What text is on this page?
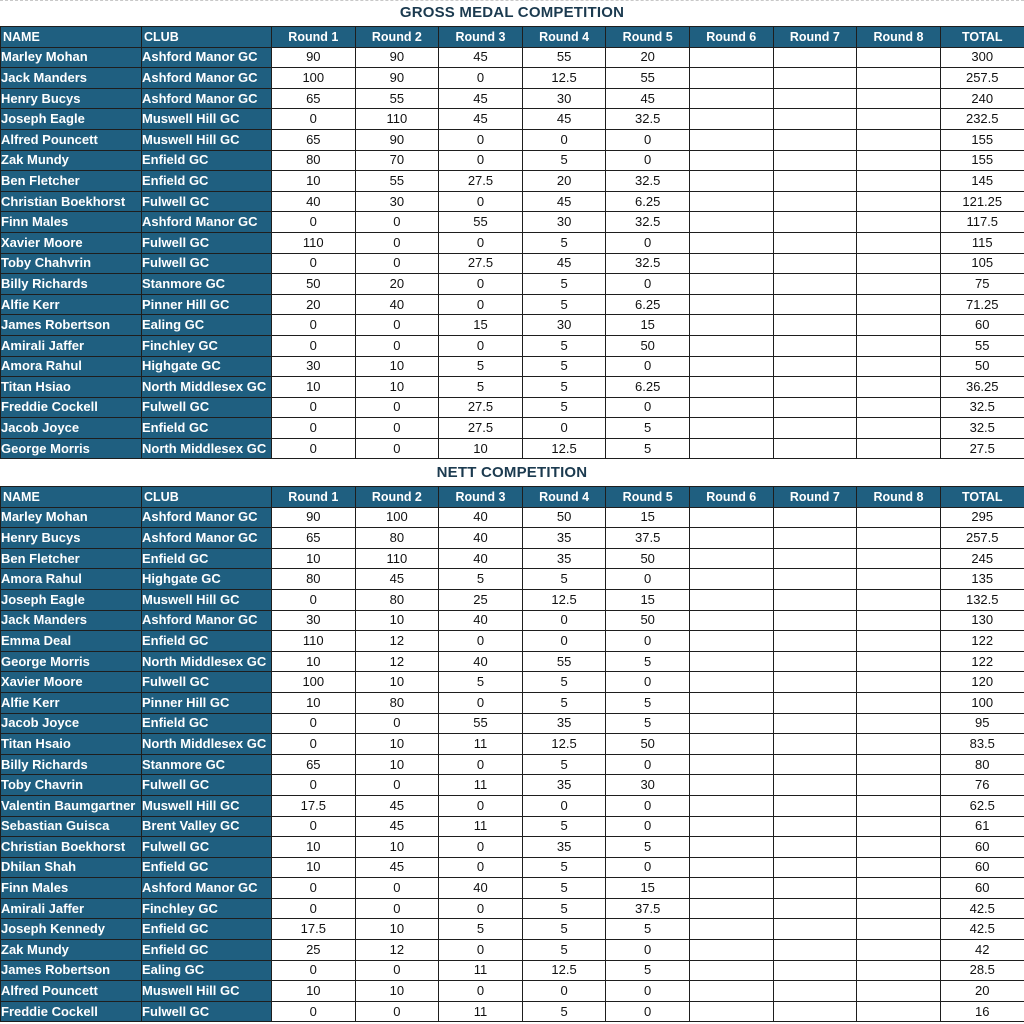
GROSS MEDAL COMPETITION
NAME	CLUB	Round 1	Round 2	Round 3	Round 4	Round 5	Round 6	Round 7	Round 8	TOTAL
Marley Mohan	Ashford Manor GC	90	90	45	55	20				300
Jack Manders	Ashford Manor GC	100	90	0	12.5	55				257.5
Henry Bucys	Ashford Manor GC	65	55	45	30	45				240
Joseph Eagle	Muswell Hill GC	0	110	45	45	32.5				232.5
Alfred Pouncett	Muswell Hill GC	65	90	0	0	0				155
Zak Mundy	Enfield GC	80	70	0	5	0				155
Ben Fletcher	Enfield GC	10	55	27.5	20	32.5				145
Christian Boekhorst	Fulwell GC	40	30	0	45	6.25				121.25
Finn Males	Ashford Manor GC	0	0	55	30	32.5				117.5
Xavier Moore	Fulwell GC	110	0	0	5	0				115
Toby Chahvrin	Fulwell GC	0	0	27.5	45	32.5				105
Billy Richards	Stanmore GC	50	20	0	5	0				75
Alfie Kerr	Pinner Hill GC	20	40	0	5	6.25				71.25
James Robertson	Ealing GC	0	0	15	30	15				60
Amirali Jaffer	Finchley GC	0	0	0	5	50				55
Amora Rahul	Highgate GC	30	10	5	5	0				50
Titan Hsiao	North Middlesex GC	10	10	5	5	6.25				36.25
Freddie Cockell	Fulwell GC	0	0	27.5	5	0				32.5
Jacob Joyce	Enfield GC	0	0	27.5	0	5				32.5
George Morris	North Middlesex GC	0	0	10	12.5	5				27.5
NETT COMPETITION
NAME	CLUB	Round 1	Round 2	Round 3	Round 4	Round 5	Round 6	Round 7	Round 8	TOTAL
Marley Mohan	Ashford Manor GC	90	100	40	50	15				295
Henry Bucys	Ashford Manor GC	65	80	40	35	37.5				257.5
Ben Fletcher	Enfield GC	10	110	40	35	50				245
Amora Rahul	Highgate GC	80	45	5	5	0				135
Joseph Eagle	Muswell Hill GC	0	80	25	12.5	15				132.5
Jack Manders	Ashford Manor GC	30	10	40	0	50				130
Emma Deal	Enfield GC	110	12	0	0	0				122
George Morris	North Middlesex GC	10	12	40	55	5				122
Xavier Moore	Fulwell GC	100	10	5	5	0				120
Alfie Kerr	Pinner Hill GC	10	80	0	5	5				100
Jacob Joyce	Enfield GC	0	0	55	35	5				95
Titan Hsaio	North Middlesex GC	0	10	11	12.5	50				83.5
Billy Richards	Stanmore GC	65	10	0	5	0				80
Toby Chavrin	Fulwell GC	0	0	11	35	30				76
Valentin Baumgartner	Muswell Hill GC	17.5	45	0	0	0				62.5
Sebastian Guisca	Brent Valley GC	0	45	11	5	0				61
Christian Boekhorst	Fulwell GC	10	10	0	35	5				60
Dhilan Shah	Enfield GC	10	45	0	5	0				60
Finn Males	Ashford Manor GC	0	0	40	5	15				60
Amirali Jaffer	Finchley GC	0	0	0	5	37.5				42.5
Joseph Kennedy	Enfield GC	17.5	10	5	5	5				42.5
Zak Mundy	Enfield GC	25	12	0	5	0				42
James Robertson	Ealing GC	0	0	11	12.5	5				28.5
Alfred Pouncett	Muswell Hill GC	10	10	0	0	0				20
Freddie Cockell	Fulwell GC	0	0	11	5	0				16
